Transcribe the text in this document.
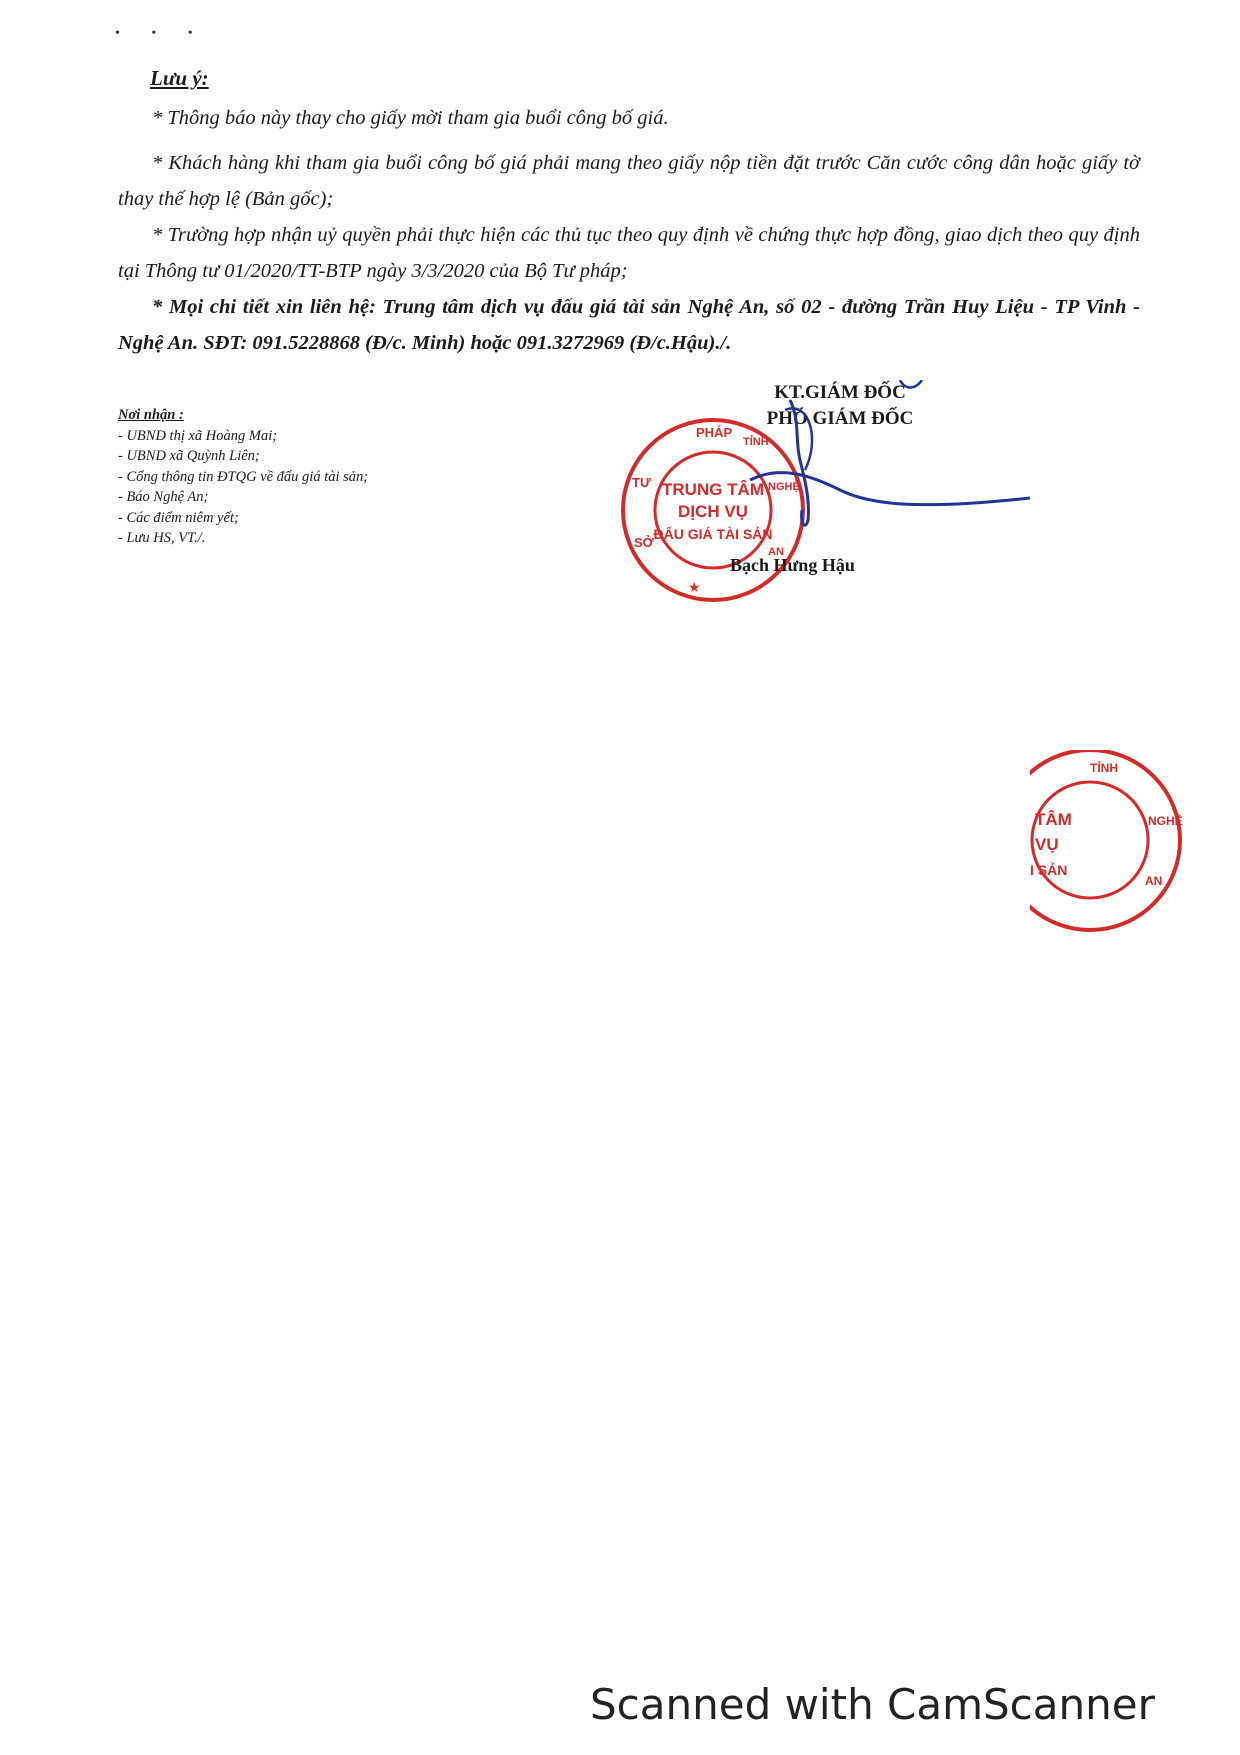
• • •
Lưu ý:
* Thông báo này thay cho giấy mời tham gia buổi công bố giá.
* Khách hàng khi tham gia buổi công bố giá phải mang theo giấy nộp tiền đặt trước Căn cước công dân hoặc giấy tờ thay thế hợp lệ (Bản gốc);
* Trường hợp nhận uỷ quyền phải thực hiện các thủ tục theo quy định về chứng thực hợp đồng, giao dịch theo quy định tại Thông tư 01/2020/TT-BTP ngày 3/3/2020 của Bộ Tư pháp;
* Mọi chi tiết xin liên hệ: Trung tâm dịch vụ đấu giá tài sản Nghệ An, số 02 - đường Trần Huy Liệu - TP Vinh - Nghệ An. SĐT: 091.5228868 (Đ/c. Minh) hoặc 091.3272969 (Đ/c.Hậu)./.
Nơi nhận :
- UBND thị xã Hoàng Mai;
- UBND xã Quỳnh Liên;
- Cổng thông tin ĐTQG về đấu giá tài sản;
- Báo Nghệ An;
- Các điểm niêm yết;
- Lưu HS, VT./.
KT.GIÁM ĐỐC
PHÓ GIÁM ĐỐC
PHÁP
TƯ
SỞ
TỈNH
NGHỆ
AN
TRUNG TÂM
DỊCH VỤ
ĐẤU GIÁ TÀI SẢN
★
Bạch Hưng Hậu
TỈNH
NGHỆ
AN
TÂM
VỤ
I SẢN
Scanned with CamScanner
